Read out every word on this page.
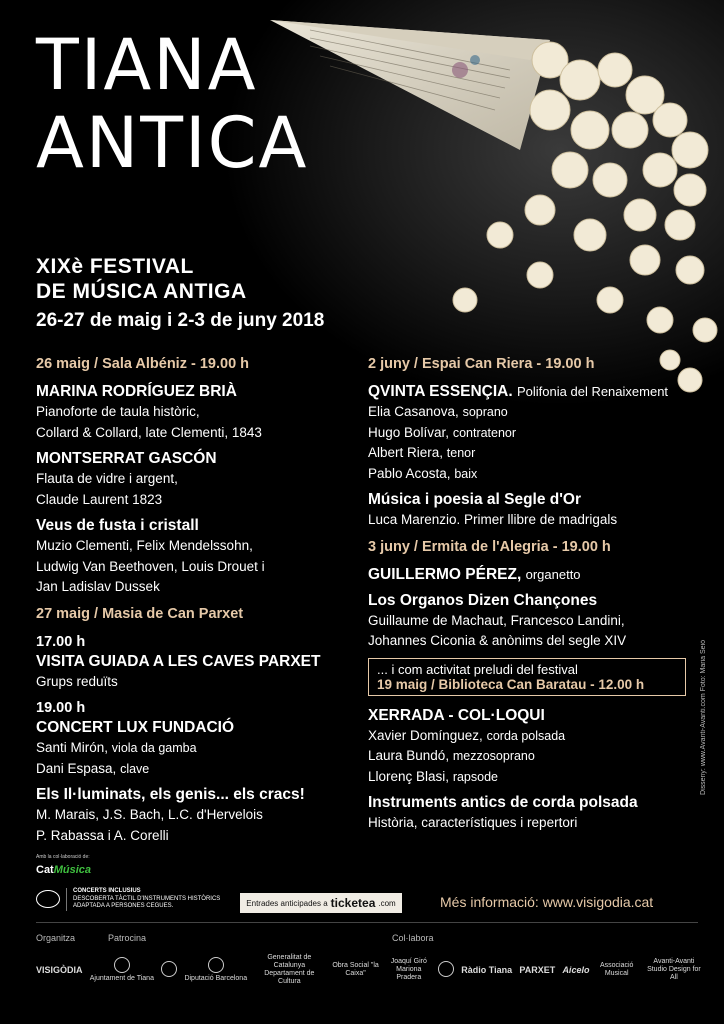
TIANA
ANTICA
XIXè FESTIVAL
DE MÚSICA ANTIGA
26-27 de maig i 2-3 de juny 2018
26 maig / Sala Albéniz - 19.00 h
MARINA RODRÍGUEZ BRIÀ
Pianoforte de taula històric,
Collard & Collard, late Clementi, 1843
MONTSERRAT GASCÓN
Flauta de vidre i argent,
Claude Laurent 1823
Veus de fusta i cristall
Muzio Clementi, Felix Mendelssohn,
Ludwig Van Beethoven, Louis Drouet i
Jan Ladislav Dussek
27 maig / Masia de Can Parxet
17.00 h
VISITA GUIADA A LES CAVES PARXET
Grups reduïts
19.00 h
CONCERT LUX FUNDACIÓ
Santi Mirón, viola da gamba
Dani Espasa, clave
Els Il·luminats, els genis... els cracs!
M. Marais, J.S. Bach, L.C. d'Hervelois
P. Rabassa i A. Corelli
2 juny / Espai Can Riera - 19.00 h
QVINTA ESSENÇIA. Polifonia del Renaixement
Elia Casanova, soprano
Hugo Bolívar, contratenor
Albert Riera, tenor
Pablo Acosta, baix
Música i poesia al Segle d'Or
Luca Marenzio. Primer llibre de madrigals
3 juny / Ermita de l'Alegria - 19.00 h
GUILLERMO PÉREZ, organetto
Los Organos Dizen Chançones
Guillaume de Machaut, Francesco Landini,
Johannes Ciconia & anònims del segle XIV
... i com activitat preludi del festival
19 maig / Biblioteca Can Baratau - 12.00 h
XERRADA - COL·LOQUI
Xavier Domínguez, corda polsada
Laura Bundó, mezzosoprano
Llorenç Blasi, rapsode
Instruments antics de corda polsada
Història, característiques i repertori
Disseny: www.Avanti-Avanti.com Foto: Maria Seió
Amb la col·laboració de:
CatMúsica
CONCERTS INCLUSIUS
DESCOBERTA TÀCTIL D'INSTRUMENTS HISTÒRICS
ADAPTADA A PERSONES CEGUES.	Entrades anticipades a ticketea .com	Més informació: www.visigodia.cat
Organitza	Patrocina	Col·labora
VISIGÒDIA
Ajuntament de Tiana	Diputació Barcelona
Generalitat de Catalunya Departament de Cultura
Obra Social "la Caixa"
Joaquí Giró Mariona Pradera
Ràdio Tiana PARXET Aicelo	Associació Musical
Avanti-Avanti Studio Design for All
